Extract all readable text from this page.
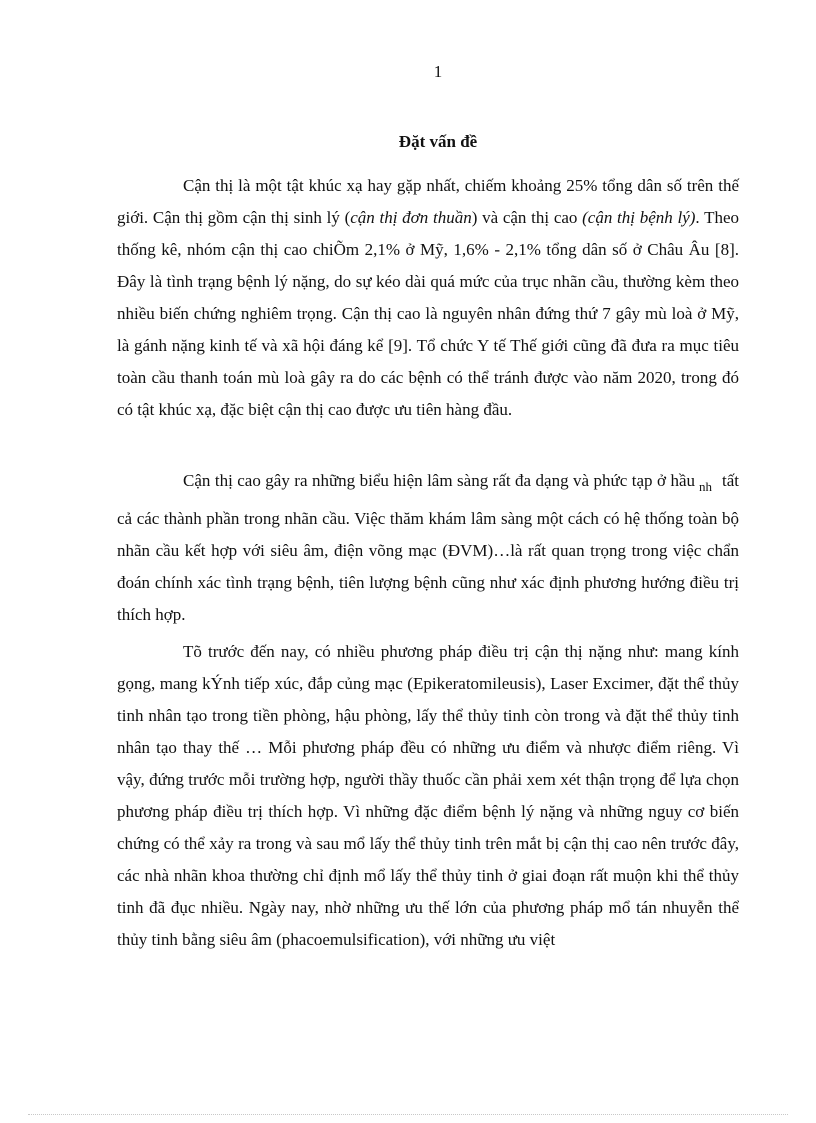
1
Đặt vấn đề

Cận thị là một tật khúc xạ hay gặp nhất, chiếm khoảng 25% tổng dân số trên thế giới. Cận thị gồm cận thị sinh lý (cận thị đơn thuần) và cận thị cao (cận thị bệnh lý). Theo thống kê, nhóm cận thị cao chiÕm 2,1% ở Mỹ, 1,6% - 2,1% tổng dân số ở Châu Âu [8]. Đây là tình trạng bệnh lý nặng, do sự kéo dài quá mức của trục nhãn cầu, thường kèm theo nhiều biến chứng nghiêm trọng. Cận thị cao là nguyên nhân đứng thứ 7 gây mù loà ở Mỹ, là gánh nặng kinh tế và xã hội đáng kể [9]. Tổ chức Y tế Thế giới cũng đã đưa ra mục tiêu toàn cầu thanh toán mù loà gây ra do các bệnh có thể tránh được vào năm 2020, trong đó có tật khúc xạ, đặc biệt cận thị cao được ưu tiên hàng đầu.

Cận thị cao gây ra những biểu hiện lâm sàng rất đa dạng và phức tạp ở hầu $_{nh}$ tất cả các thành phần trong nhãn cầu. Việc thăm khám lâm sàng một cách có hệ thống toàn bộ nhãn cầu kết hợp với siêu âm, điện võng mạc (ĐVM)…là rất quan trọng trong việc chẩn đoán chính xác tình trạng bệnh, tiên lượng bệnh cũng như xác định phương hướng điều trị thích hợp.

Tõ trước đến nay, có nhiều phương pháp điều trị cận thị nặng như: mang kính gọng, mang kÝnh tiếp xúc, đắp củng mạc (Epikeratomileusis), Laser Excimer, đặt thể thủy tinh nhân tạo trong tiền phòng, hậu phòng, lấy thể thủy tinh còn trong và đặt thể thủy tinh nhân tạo thay thế … Mỗi phương pháp đều có những ưu điểm và nhược điểm riêng. Vì vậy, đứng trước mỗi trường hợp, người thầy thuốc cần phải xem xét thận trọng để lựa chọn phương pháp điều trị thích hợp. Vì những đặc điểm bệnh lý nặng và những nguy cơ biến chứng có thể xảy ra trong và sau mổ lấy thể thủy tinh trên mắt bị cận thị cao nên trước đây, các nhà nhãn khoa thường chỉ định mổ lấy thể thủy tinh ở giai đoạn rất muộn khi thể thủy tinh đã đục nhiều. Ngày nay, nhờ những ưu thế lớn của phương pháp mổ tán nhuyễn thể thủy tinh bằng siêu âm (phacoemulsification), với những ưu việt
